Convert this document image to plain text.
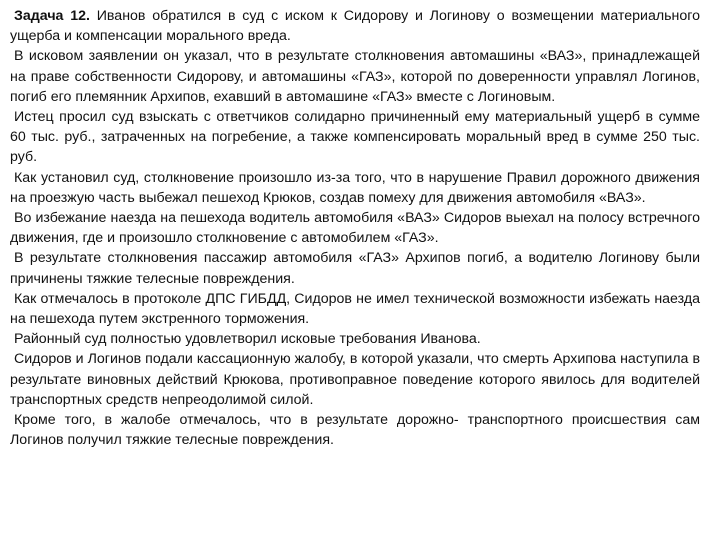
Задача 12. Иванов обратился в суд с иском к Сидорову и Логинову о возмещении материального ущерба и компенсации морального вреда.

В исковом заявлении он указал, что в результате столкновения автомашины «ВАЗ», принадлежащей на праве собственности Сидорову, и автомашины «ГАЗ», которой по доверенности управлял Логинов, погиб его племянник Архипов, ехавший в автомашине «ГАЗ» вместе с Логиновым.

Истец просил суд взыскать с ответчиков солидарно причиненный ему материальный ущерб в сумме 60 тыс. руб., затраченных на погребение, а также компенсировать моральный вред в сумме 250 тыс. руб.

Как установил суд, столкновение произошло из-за того, что в нарушение Правил дорожного движения на проезжую часть выбежал пешеход Крюков, создав помеху для движения автомобиля «ВАЗ».

Во избежание наезда на пешехода водитель автомобиля «ВАЗ» Сидоров выехал на полосу встречного движения, где и произошло столкновение с автомобилем «ГАЗ».

В результате столкновения пассажир автомобиля «ГАЗ» Архипов погиб, а водителю Логинову были причинены тяжкие телесные повреждения.

Как отмечалось в протоколе ДПС ГИБДД, Сидоров не имел технической возможности избежать наезда на пешехода путем экстренного торможения.

Районный суд полностью удовлетворил исковые требования Иванова.

Сидоров и Логинов подали кассационную жалобу, в которой указали, что смерть Архипова наступила в результате виновных действий Крюкова, противоправное поведение которого явилось для водителей транспортных средств непреодолимой силой.

Кроме того, в жалобе отмечалось, что в результате дорожно- транспортного происшествия сам Логинов получил тяжкие телесные повреждения.
